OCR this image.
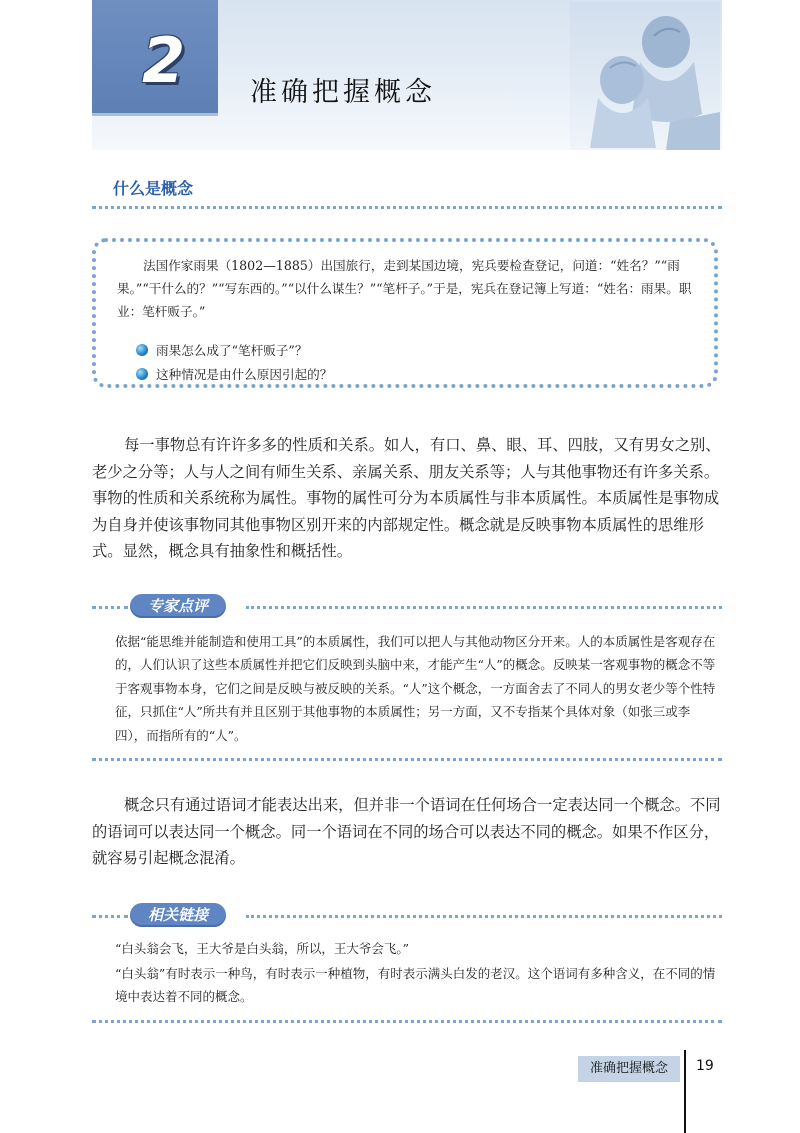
2 准确把握概念
什么是概念

法国作家雨果（1802—1885）出国旅行，走到某国边境，宪兵要检查登记，问道：“姓名？”“雨果。”“干什么的？”“写东西的。”“以什么谋生？”“笔杆子。”于是，宪兵在登记簿上写道：“姓名：雨果。职业：笔杆贩子。”

雨果怎么成了“笔杆贩子”？
这种情况是由什么原因引起的？

每一事物总有许许多多的性质和关系。如人，有口、鼻、眼、耳、四肢，又有男女之别、老少之分等；人与人之间有师生关系、亲属关系、朋友关系等；人与其他事物还有许多关系。事物的性质和关系统称为属性。事物的属性可分为本质属性与非本质属性。本质属性是事物成为自身并使该事物同其他事物区别开来的内部规定性。概念就是反映事物本质属性的思维形式。显然，概念具有抽象性和概括性。

专家点评

依据“能思维并能制造和使用工具”的本质属性，我们可以把人与其他动物区分开来。人的本质属性是客观存在的，人们认识了这些本质属性并把它们反映到头脑中来，才能产生“人”的概念。反映某一客观事物的概念不等于客观事物本身，它们之间是反映与被反映的关系。“人”这个概念，一方面舍去了不同人的男女老少等个性特征，只抓住“人”所共有并且区别于其他事物的本质属性；另一方面，又不专指某个具体对象（如张三或李四），而指所有的“人”。

概念只有通过语词才能表达出来，但并非一个语词在任何场合一定表达同一个概念。不同的语词可以表达同一个概念。同一个语词在不同的场合可以表达不同的概念。如果不作区分，就容易引起概念混淆。

相关链接

“白头翁会飞，王大爷是白头翁，所以，王大爷会飞。”

“白头翁”有时表示一种鸟，有时表示一种植物，有时表示满头白发的老汉。这个语词有多种含义，在不同的情境中表达着不同的概念。

准确把握概念	19
